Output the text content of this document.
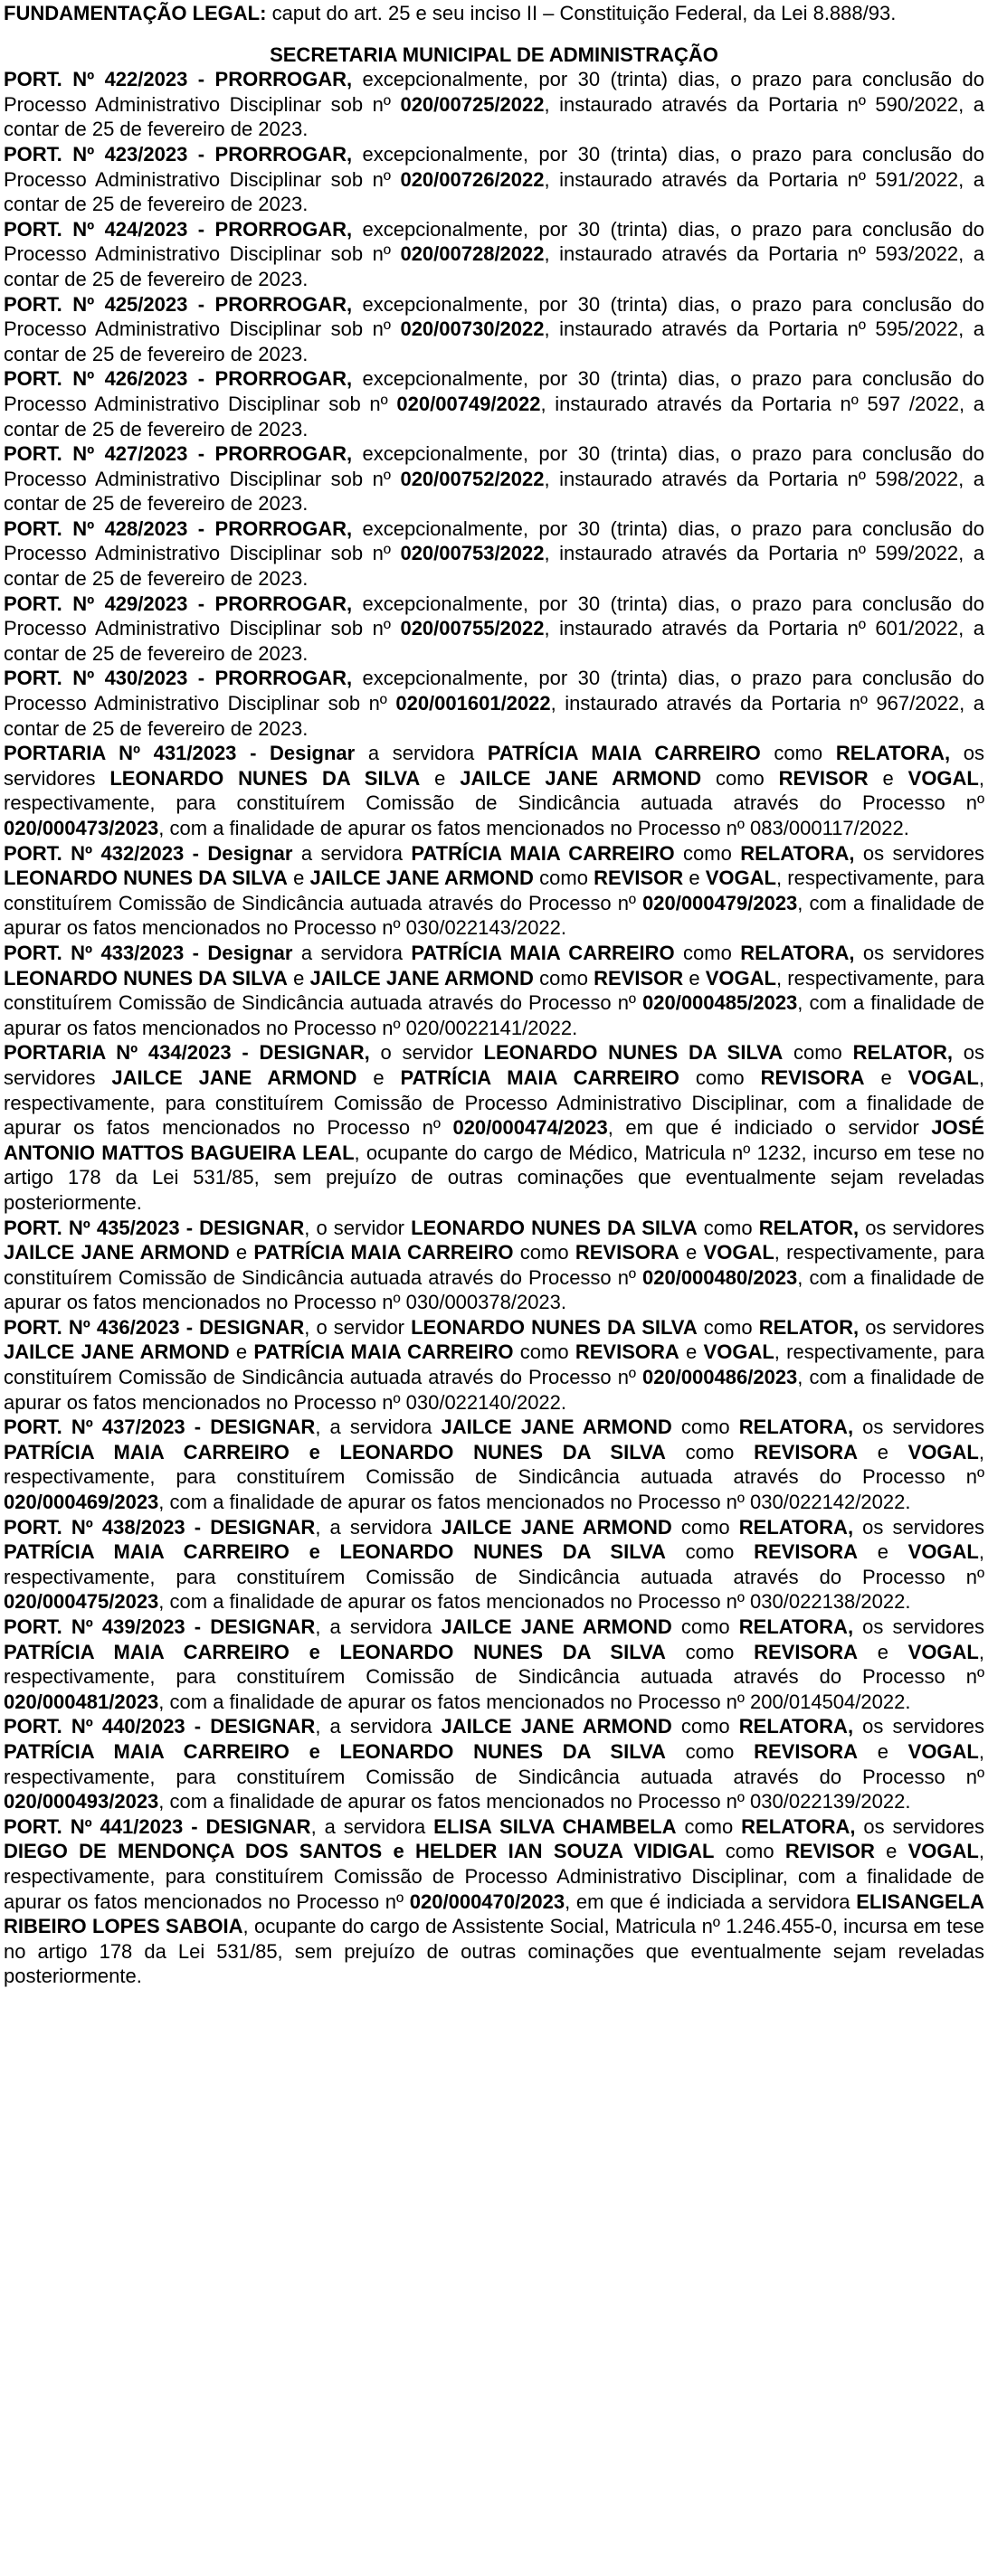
FUNDAMENTAÇÃO LEGAL: caput do art. 25 e seu inciso II – Constituição Federal, da Lei 8.888/93.

SECRETARIA MUNICIPAL DE ADMINISTRAÇÃO

PORT. Nº 422/2023 - PRORROGAR, excepcionalmente, por 30 (trinta) dias, o prazo para conclusão do Processo Administrativo Disciplinar sob nº 020/00725/2022, instaurado através da Portaria nº 590/2022, a contar de 25 de fevereiro de 2023.

PORT. Nº 423/2023 - PRORROGAR, excepcionalmente, por 30 (trinta) dias, o prazo para conclusão do Processo Administrativo Disciplinar sob nº 020/00726/2022, instaurado através da Portaria nº 591/2022, a contar de 25 de fevereiro de 2023.

PORT. Nº 424/2023 - PRORROGAR, excepcionalmente, por 30 (trinta) dias, o prazo para conclusão do Processo Administrativo Disciplinar sob nº 020/00728/2022, instaurado através da Portaria nº 593/2022, a contar de 25 de fevereiro de 2023.

PORT. Nº 425/2023 - PRORROGAR, excepcionalmente, por 30 (trinta) dias, o prazo para conclusão do Processo Administrativo Disciplinar sob nº 020/00730/2022, instaurado através da Portaria nº 595/2022, a contar de 25 de fevereiro de 2023.

PORT. Nº 426/2023 - PRORROGAR, excepcionalmente, por 30 (trinta) dias, o prazo para conclusão do Processo Administrativo Disciplinar sob nº 020/00749/2022, instaurado através da Portaria nº 597 /2022, a contar de 25 de fevereiro de 2023.

PORT. Nº 427/2023 - PRORROGAR, excepcionalmente, por 30 (trinta) dias, o prazo para conclusão do Processo Administrativo Disciplinar sob nº 020/00752/2022, instaurado através da Portaria nº 598/2022, a contar de 25 de fevereiro de 2023.

PORT. Nº 428/2023 - PRORROGAR, excepcionalmente, por 30 (trinta) dias, o prazo para conclusão do Processo Administrativo Disciplinar sob nº 020/00753/2022, instaurado através da Portaria nº 599/2022, a contar de 25 de fevereiro de 2023.

PORT. Nº 429/2023 - PRORROGAR, excepcionalmente, por 30 (trinta) dias, o prazo para conclusão do Processo Administrativo Disciplinar sob nº 020/00755/2022, instaurado através da Portaria nº 601/2022, a contar de 25 de fevereiro de 2023.

PORT. Nº 430/2023 - PRORROGAR, excepcionalmente, por 30 (trinta) dias, o prazo para conclusão do Processo Administrativo Disciplinar sob nº 020/001601/2022, instaurado através da Portaria nº 967/2022, a contar de 25 de fevereiro de 2023.

PORTARIA Nº 431/2023 - Designar a servidora PATRÍCIA MAIA CARREIRO como RELATORA, os servidores LEONARDO NUNES DA SILVA e JAILCE JANE ARMOND como REVISOR e VOGAL, respectivamente, para constituírem Comissão de Sindicância autuada através do Processo nº 020/000473/2023, com a finalidade de apurar os fatos mencionados no Processo nº 083/000117/2022.

PORT. Nº 432/2023 - Designar a servidora PATRÍCIA MAIA CARREIRO como RELATORA, os servidores LEONARDO NUNES DA SILVA e JAILCE JANE ARMOND como REVISOR e VOGAL, respectivamente, para constituírem Comissão de Sindicância autuada através do Processo nº 020/000479/2023, com a finalidade de apurar os fatos mencionados no Processo nº 030/022143/2022.

PORT. Nº 433/2023 - Designar a servidora PATRÍCIA MAIA CARREIRO como RELATORA, os servidores LEONARDO NUNES DA SILVA e JAILCE JANE ARMOND como REVISOR e VOGAL, respectivamente, para constituírem Comissão de Sindicância autuada através do Processo nº 020/000485/2023, com a finalidade de apurar os fatos mencionados no Processo nº 020/0022141/2022.

PORTARIA Nº 434/2023 - DESIGNAR, o servidor LEONARDO NUNES DA SILVA como RELATOR, os servidores JAILCE JANE ARMOND e PATRÍCIA MAIA CARREIRO como REVISORA e VOGAL, respectivamente, para constituírem Comissão de Processo Administrativo Disciplinar, com a finalidade de apurar os fatos mencionados no Processo nº 020/000474/2023, em que é indiciado o servidor JOSÉ ANTONIO MATTOS BAGUEIRA LEAL, ocupante do cargo de Médico, Matricula nº 1232, incurso em tese no artigo 178 da Lei 531/85, sem prejuízo de outras cominações que eventualmente sejam reveladas posteriormente.

PORT. Nº 435/2023 - DESIGNAR, o servidor LEONARDO NUNES DA SILVA como RELATOR, os servidores JAILCE JANE ARMOND e PATRÍCIA MAIA CARREIRO como REVISORA e VOGAL, respectivamente, para constituírem Comissão de Sindicância autuada através do Processo nº 020/000480/2023, com a finalidade de apurar os fatos mencionados no Processo nº 030/000378/2023.

PORT. Nº 436/2023 - DESIGNAR, o servidor LEONARDO NUNES DA SILVA como RELATOR, os servidores JAILCE JANE ARMOND e PATRÍCIA MAIA CARREIRO como REVISORA e VOGAL, respectivamente, para constituírem Comissão de Sindicância autuada através do Processo nº 020/000486/2023, com a finalidade de apurar os fatos mencionados no Processo nº 030/022140/2022.

PORT. Nº 437/2023 - DESIGNAR, a servidora JAILCE JANE ARMOND como RELATORA, os servidores PATRÍCIA MAIA CARREIRO e LEONARDO NUNES DA SILVA como REVISORA e VOGAL, respectivamente, para constituírem Comissão de Sindicância autuada através do Processo nº 020/000469/2023, com a finalidade de apurar os fatos mencionados no Processo nº 030/022142/2022.

PORT. Nº 438/2023 - DESIGNAR, a servidora JAILCE JANE ARMOND como RELATORA, os servidores PATRÍCIA MAIA CARREIRO e LEONARDO NUNES DA SILVA como REVISORA e VOGAL, respectivamente, para constituírem Comissão de Sindicância autuada através do Processo nº 020/000475/2023, com a finalidade de apurar os fatos mencionados no Processo nº 030/022138/2022.

PORT. Nº 439/2023 - DESIGNAR, a servidora JAILCE JANE ARMOND como RELATORA, os servidores PATRÍCIA MAIA CARREIRO e LEONARDO NUNES DA SILVA como REVISORA e VOGAL, respectivamente, para constituírem Comissão de Sindicância autuada através do Processo nº 020/000481/2023, com a finalidade de apurar os fatos mencionados no Processo nº 200/014504/2022.

PORT. Nº 440/2023 - DESIGNAR, a servidora JAILCE JANE ARMOND como RELATORA, os servidores PATRÍCIA MAIA CARREIRO e LEONARDO NUNES DA SILVA como REVISORA e VOGAL, respectivamente, para constituírem Comissão de Sindicância autuada através do Processo nº 020/000493/2023, com a finalidade de apurar os fatos mencionados no Processo nº 030/022139/2022.

PORT. Nº 441/2023 - DESIGNAR, a servidora ELISA SILVA CHAMBELA como RELATORA, os servidores DIEGO DE MENDONÇA DOS SANTOS e HELDER IAN SOUZA VIDIGAL como REVISOR e VOGAL, respectivamente, para constituírem Comissão de Processo Administrativo Disciplinar, com a finalidade de apurar os fatos mencionados no Processo nº 020/000470/2023, em que é indiciada a servidora ELISANGELA RIBEIRO LOPES SABOIA, ocupante do cargo de Assistente Social, Matricula nº 1.246.455-0, incursa em tese no artigo 178 da Lei 531/85, sem prejuízo de outras cominações que eventualmente sejam reveladas posteriormente.
